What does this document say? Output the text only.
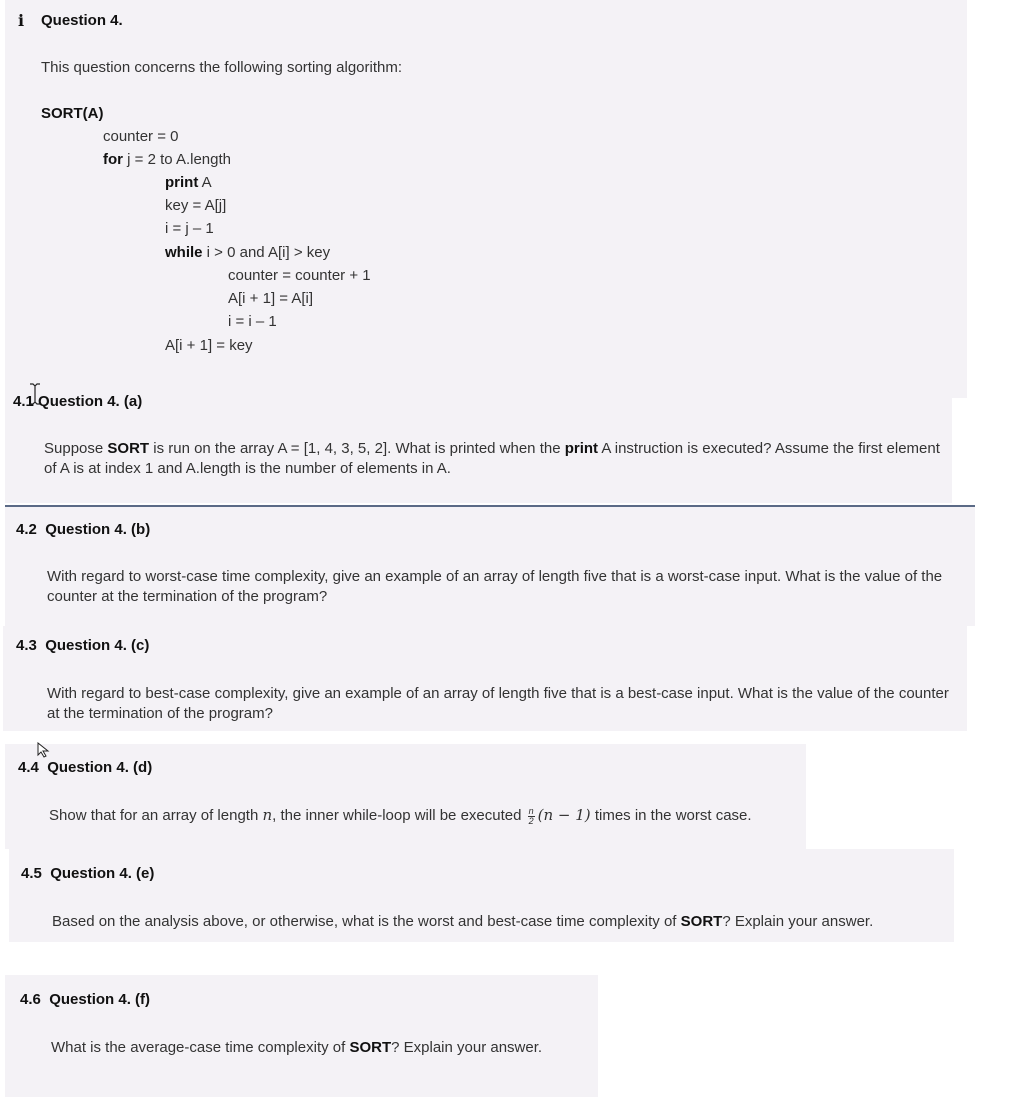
i Question 4.
This question concerns the following sorting algorithm:
SORT(A)
counter = 0
for j = 2 to A.length
print A
key = A[j]
i = j – 1
while i > 0 and A[i] > key
counter = counter + 1
A[i + 1] = A[i]
i = i – 1
A[i + 1] = key
4.1 Question 4. (a)
Suppose SORT is run on the array A = [1, 4, 3, 5, 2]. What is printed when the print A instruction is executed? Assume the first element of A is at index 1 and A.length is the number of elements in A.
4.2 Question 4. (b)
With regard to worst-case time complexity, give an example of an array of length five that is a worst-case input. What is the value of the counter at the termination of the program?
4.3 Question 4. (c)
With regard to best-case complexity, give an example of an array of length five that is a best-case input. What is the value of the counter at the termination of the program?
4.4 Question 4. (d)
Show that for an array of length n, the inner while-loop will be executed $\frac{n}{2} (n - 1)$ times in the worst case.
4.5 Question 4. (e)
Based on the analysis above, or otherwise, what is the worst and best-case time complexity of SORT? Explain your answer.
4.6 Question 4. (f)
What is the average-case time complexity of SORT? Explain your answer.
